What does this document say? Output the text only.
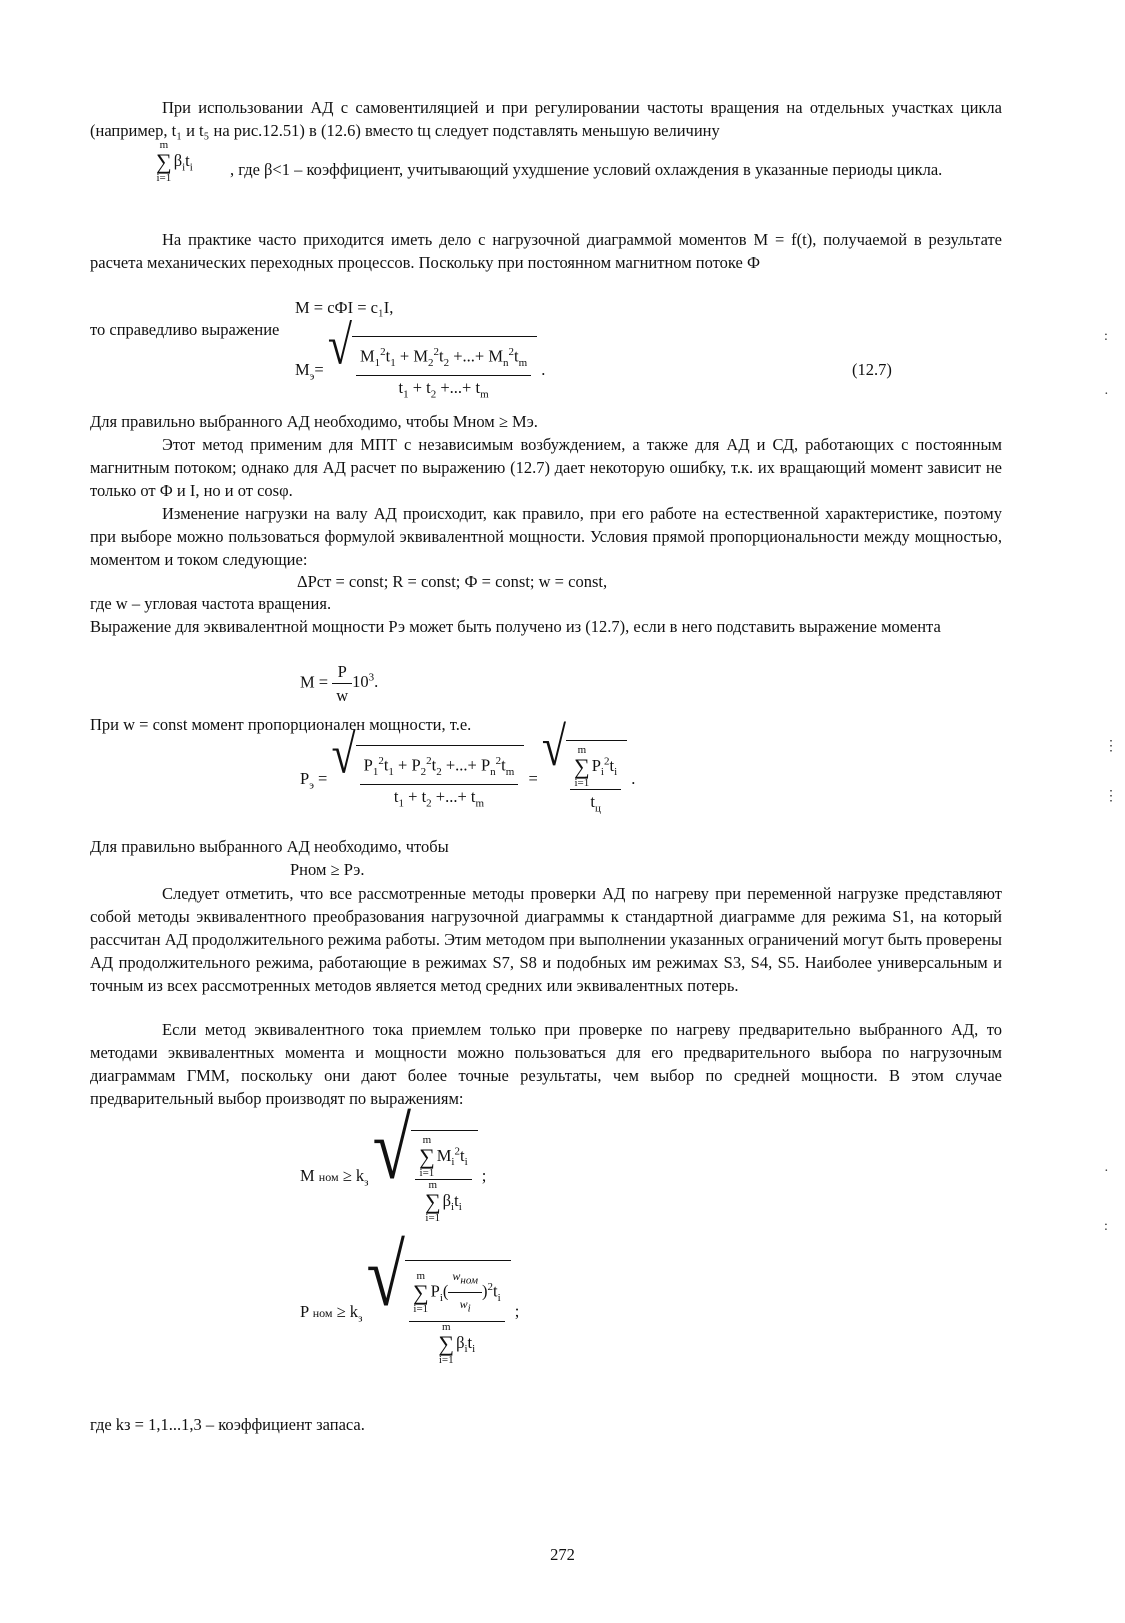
При использовании АД с самовентиляцией и при регулировании частоты вращения на отдельных участках цикла (например, t₁ и t₅ на рис.12.51) в (12.6) вместо tц следует подставлять меньшую величину

m
∑
i=1
$\beta_it_i$ , где β<1 – коэффициент, учитывающий ухудшение условий охлаждения в указанные периоды цикла.

На практике часто приходится иметь дело с нагрузочной диаграммой моментов М = f(t), получаемой в результате расчета механических переходных процессов. Поскольку при постоянном магнитном потоке Ф

М = сФI = с₁I,

то справедливо выражение

$М_э=$ √ $\frac{M_1^2t_1 + M_2^2t_2 +...+ M_n^2t_m}{t_1 + t_2 +...+ t_m}$ .	(12.7)

Для правильно выбранного АД необходимо, чтобы Мном ≥ Мэ.

Этот метод применим для МПТ с независимым возбуждением, а также для АД и СД, работающих с постоянным магнитным потоком; однако для АД расчет по выражению (12.7) дает некоторую ошибку, т.к. их вращающий момент зависит не только от Ф и I, но и от cosφ.

Изменение нагрузки на валу АД происходит, как правило, при его работе на естественной характеристике, поэтому при выборе можно пользоваться формулой эквивалентной мощности. Условия прямой пропорциональности между мощностью, моментом и током следующие:

ΔРст = const; R = const; Ф = const; w = const,

где w – угловая частота вращения.

Выражение для эквивалентной мощности Рэ может быть получено из (12.7), если в него подставить выражение момента

$M = \frac{P}{w} 10^3$.

При w = const момент пропорционален мощности, т.е.

$Р_э$ = √ $\frac{P_1^2t_1 + P_2^2t_2 +...+ P_n^2t_m}{t_1 + t_2 +...+ t_m}$ =
√ m
∑
i=1
$P_i^2t_i$
$t_ц$ .

Для правильно выбранного АД необходимо, чтобы

Рном ≥ Рэ.

Следует отметить, что все рассмотренные методы проверки АД по нагреву при переменной нагрузке представляют собой методы эквивалентного преобразования нагрузочной диаграммы к стандартной диаграмме для режима S1, на который рассчитан АД продолжительного режима работы. Этим методом при выполнении указанных ограничений могут быть проверены АД продолжительного режима, работающие в режимах S7, S8 и подобных им режимах S3, S4, S5. Наиболее универсальным и точным из всех рассмотренных методов является метод средних или эквивалентных потерь.

Если метод эквивалентного тока приемлем только при проверке по нагреву предварительно выбранного АД, то методами эквивалентных момента и мощности можно пользоваться для его предварительного выбора по нагрузочным диаграммам ГММ, поскольку они дают более точные результаты, чем выбор по средней мощности. В этом случае предварительный выбор производят по выражениям:

M ном ≥ $k_з$ √ m
∑
i=1
$M_i^2t_i$
m
∑
i=1
$\beta_it_i$ ;
P ном ≥ $k_з$ √ m
∑
i=1
$P_i( \frac{w_{ном}}{w_i} )^2t_i$
m
∑
i=1
$\beta_it_i$ ;

где kз = 1,1...1,3 – коэффициент запаса.

272
:
·
⋮
⋮
·
:
